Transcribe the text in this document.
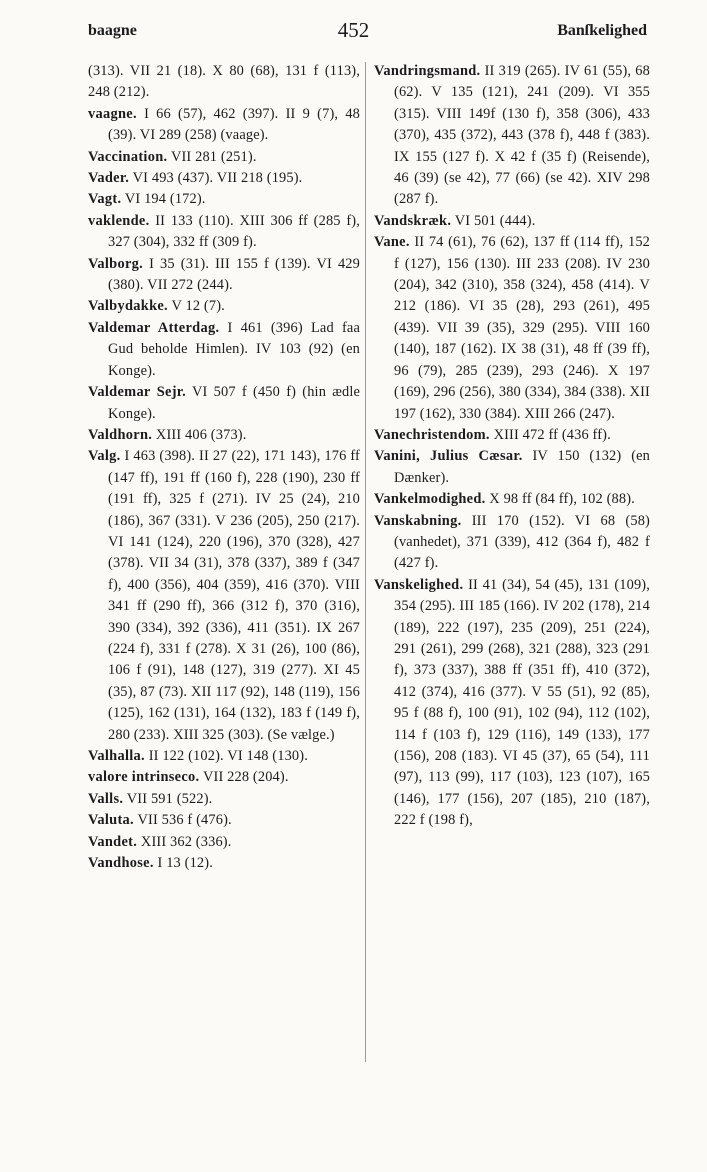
baagne	452	Banſkelighed

(313). VII 21 (18). X 80 (68), 131 f (113), 248 (212).

vaagne. I 66 (57), 462 (397). II 9 (7), 48 (39). VI 289 (258) (vaage).

Vaccination. VII 281 (251).

Vader. VI 493 (437). VII 218 (195).

Vagt. VI 194 (172).

vaklende. II 133 (110). XIII 306 ff (285 f), 327 (304), 332 ff (309 f).

Valborg. I 35 (31). III 155 f (139). VI 429 (380). VII 272 (244).

Valbydakke. V 12 (7).

Valdemar Atterdag. I 461 (396) Lad faa Gud beholde Himlen). IV 103 (92) (en Konge).

Valdemar Sejr. VI 507 f (450 f) (hin ædle Konge).

Valdhorn. XIII 406 (373).

Valg. I 463 (398). II 27 (22), 171 143), 176 ff (147 ff), 191 ff (160 f), 228 (190), 230 ff (191 ff), 325 f (271). IV 25 (24), 210 (186), 367 (331). V 236 (205), 250 (217). VI 141 (124), 220 (196), 370 (328), 427 (378). VII 34 (31), 378 (337), 389 f (347 f), 400 (356), 404 (359), 416 (370). VIII 341 ff (290 ff), 366 (312 f), 370 (316), 390 (334), 392 (336), 411 (351). IX 267 (224 f), 331 f (278). X 31 (26), 100 (86), 106 f (91), 148 (127), 319 (277). XI 45 (35), 87 (73). XII 117 (92), 148 (119), 156 (125), 162 (131), 164 (132), 183 f (149 f), 280 (233). XIII 325 (303). (Se vælge.)

Valhalla. II 122 (102). VI 148 (130).

valore intrinseco. VII 228 (204).

Valls. VII 591 (522).

Valuta. VII 536 f (476).

Vandet. XIII 362 (336).

Vandhose. I 13 (12).

Vandringsmand. II 319 (265). IV 61 (55), 68 (62). V 135 (121), 241 (209). VI 355 (315). VIII 149f (130 f), 358 (306), 433 (370), 435 (372), 443 (378 f), 448 f (383). IX 155 (127 f). X 42 f (35 f) (Reisende), 46 (39) (se 42), 77 (66) (se 42). XIV 298 (287 f).

Vandskræk. VI 501 (444).

Vane. II 74 (61), 76 (62), 137 ff (114 ff), 152 f (127), 156 (130). III 233 (208). IV 230 (204), 342 (310), 358 (324), 458 (414). V 212 (186). VI 35 (28), 293 (261), 495 (439). VII 39 (35), 329 (295). VIII 160 (140), 187 (162). IX 38 (31), 48 ff (39 ff), 96 (79), 285 (239), 293 (246). X 197 (169), 296 (256), 380 (334), 384 (338). XII 197 (162), 330 (384). XIII 266 (247).

Vanechristendom. XIII 472 ff (436 ff).

Vanini, Julius Cæsar. IV 150 (132) (en Dænker).

Vankelmodighed. X 98 ff (84 ff), 102 (88).

Vanskabning. III 170 (152). VI 68 (58) (vanhedet), 371 (339), 412 (364 f), 482 f (427 f).

Vanskelighed. II 41 (34), 54 (45), 131 (109), 354 (295). III 185 (166). IV 202 (178), 214 (189), 222 (197), 235 (209), 251 (224), 291 (261), 299 (268), 321 (288), 323 (291 f), 373 (337), 388 ff (351 ff), 410 (372), 412 (374), 416 (377). V 55 (51), 92 (85), 95 f (88 f), 100 (91), 102 (94), 112 (102), 114 f (103 f), 129 (116), 149 (133), 177 (156), 208 (183). VI 45 (37), 65 (54), 111 (97), 113 (99), 117 (103), 123 (107), 165 (146), 177 (156), 207 (185), 210 (187), 222 f (198 f),
